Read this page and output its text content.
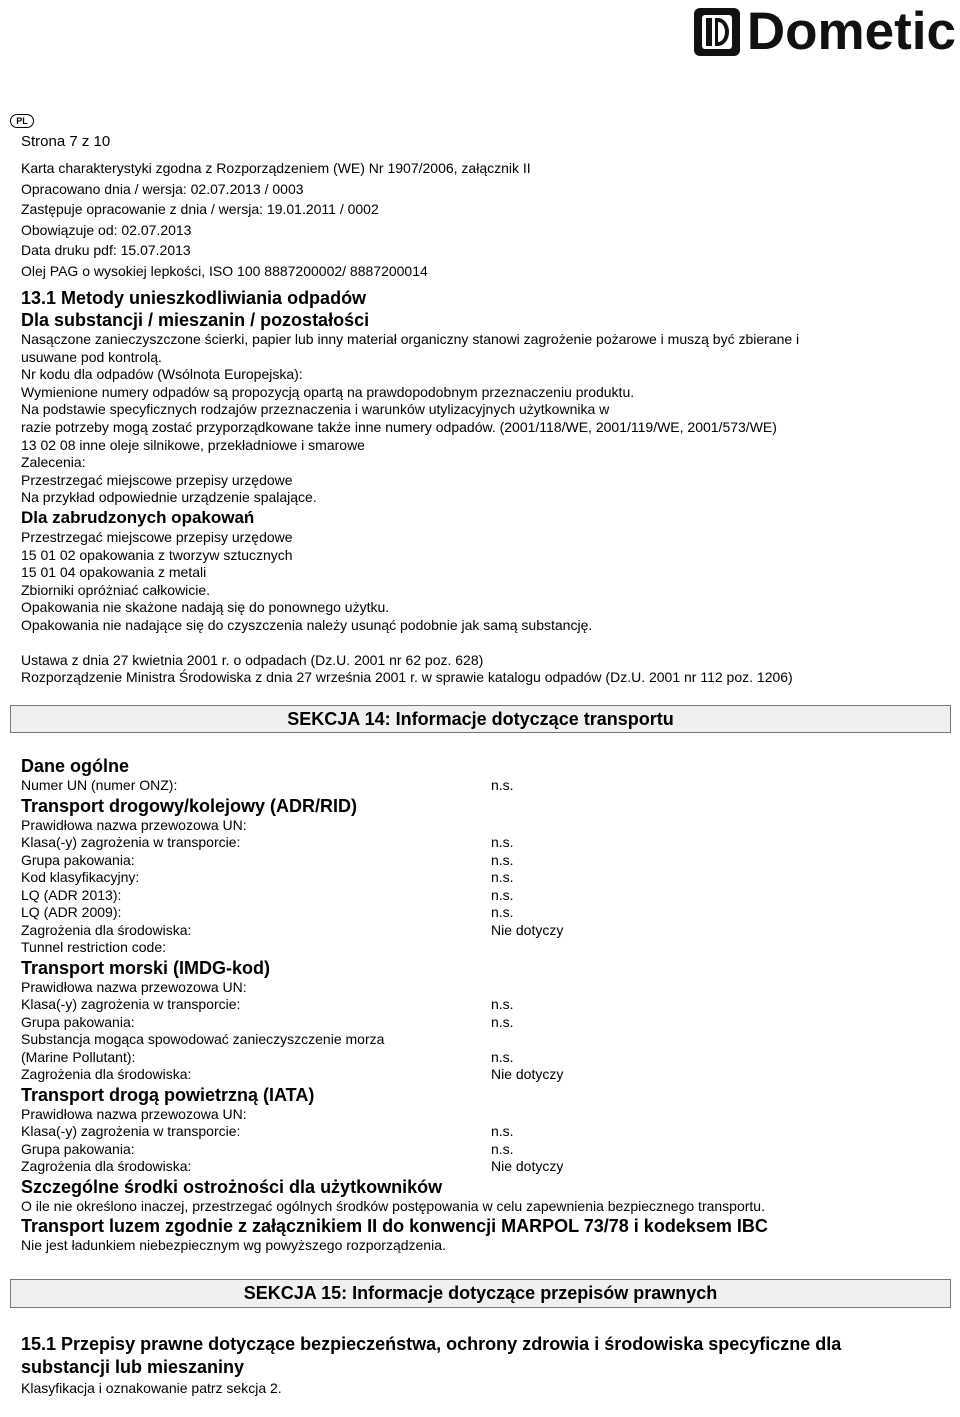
Dometic
PL
Strona 7 z 10
Karta charakterystyki zgodna z Rozporządzeniem (WE) Nr 1907/2006, załącznik II
Opracowano dnia / wersja: 02.07.2013 / 0003
Zastępuje opracowanie z dnia / wersja: 19.01.2011 / 0002
Obowiązuje od: 02.07.2013
Data druku pdf: 15.07.2013
Olej PAG o wysokiej lepkości, ISO 100 8887200002/ 8887200014
13.1 Metody unieszkodliwiania odpadów
Dla substancji / mieszanin / pozostałości

Nasączone zanieczyszczone ścierki, papier lub inny materiał organiczny stanowi zagrożenie pożarowe i muszą być zbierane i

usuwane pod kontrolą.

Nr kodu dla odpadów (Wsólnota Europejska):

Wymienione numery odpadów są propozycją opartą na prawdopodobnym przeznaczeniu produktu.

Na podstawie specyficznych rodzajów przeznaczenia i warunków utylizacyjnych użytkownika w

razie potrzeby mogą zostać przyporządkowane także inne numery odpadów. (2001/118/WE, 2001/119/WE, 2001/573/WE)

13 02 08 inne oleje silnikowe, przekładniowe i smarowe

Zalecenia:

Przestrzegać miejscowe przepisy urzędowe

Na przykład odpowiednie urządzenie spalające.

Dla zabrudzonych opakowań

Przestrzegać miejscowe przepisy urzędowe

15 01 02 opakowania z tworzyw sztucznych

15 01 04 opakowania z metali

Zbiorniki opróżniać całkowicie.

Opakowania nie skażone nadają się do ponownego użytku.

Opakowania nie nadające się do czyszczenia należy usunąć podobnie jak samą substancję.

Ustawa z dnia 27 kwietnia 2001 r. o odpadach (Dz.U. 2001 nr 62 poz. 628)

Rozporządzenie Ministra Środowiska z dnia 27 września 2001 r. w sprawie katalogu odpadów (Dz.U. 2001 nr 112 poz. 1206)

SEKCJA 14: Informacje dotyczące transportu
Dane ogólne
Numer UN (numer ONZ):	n.s.
Transport drogowy/kolejowy (ADR/RID)
Prawidłowa nazwa przewozowa UN:
Klasa(-y) zagrożenia w transporcie:	n.s.
Grupa pakowania:	n.s.
Kod klasyfikacyjny:	n.s.
LQ (ADR 2013):	n.s.
LQ (ADR 2009):	n.s.
Zagrożenia dla środowiska:	Nie dotyczy
Tunnel restriction code:
Transport morski (IMDG-kod)
Prawidłowa nazwa przewozowa UN:
Klasa(-y) zagrożenia w transporcie:	n.s.
Grupa pakowania:	n.s.
Substancja mogąca spowodować zanieczyszczenie morza
(Marine Pollutant):	n.s.
Zagrożenia dla środowiska:	Nie dotyczy
Transport drogą powietrzną (IATA)
Prawidłowa nazwa przewozowa UN:
Klasa(-y) zagrożenia w transporcie:	n.s.
Grupa pakowania:	n.s.
Zagrożenia dla środowiska:	Nie dotyczy
Szczególne środki ostrożności dla użytkowników
O ile nie określono inaczej, przestrzegać ogólnych środków postępowania w celu zapewnienia bezpiecznego transportu.
Transport luzem zgodnie z załącznikiem II do konwencji MARPOL 73/78 i kodeksem IBC
Nie jest ładunkiem niebezpiecznym wg powyższego rozporządzenia.
SEKCJA 15: Informacje dotyczące przepisów prawnych
15.1 Przepisy prawne dotyczące bezpieczeństwa, ochrony zdrowia i środowiska specyficzne dla
substancji lub mieszaniny
Klasyfikacja i oznakowanie patrz sekcja 2.
